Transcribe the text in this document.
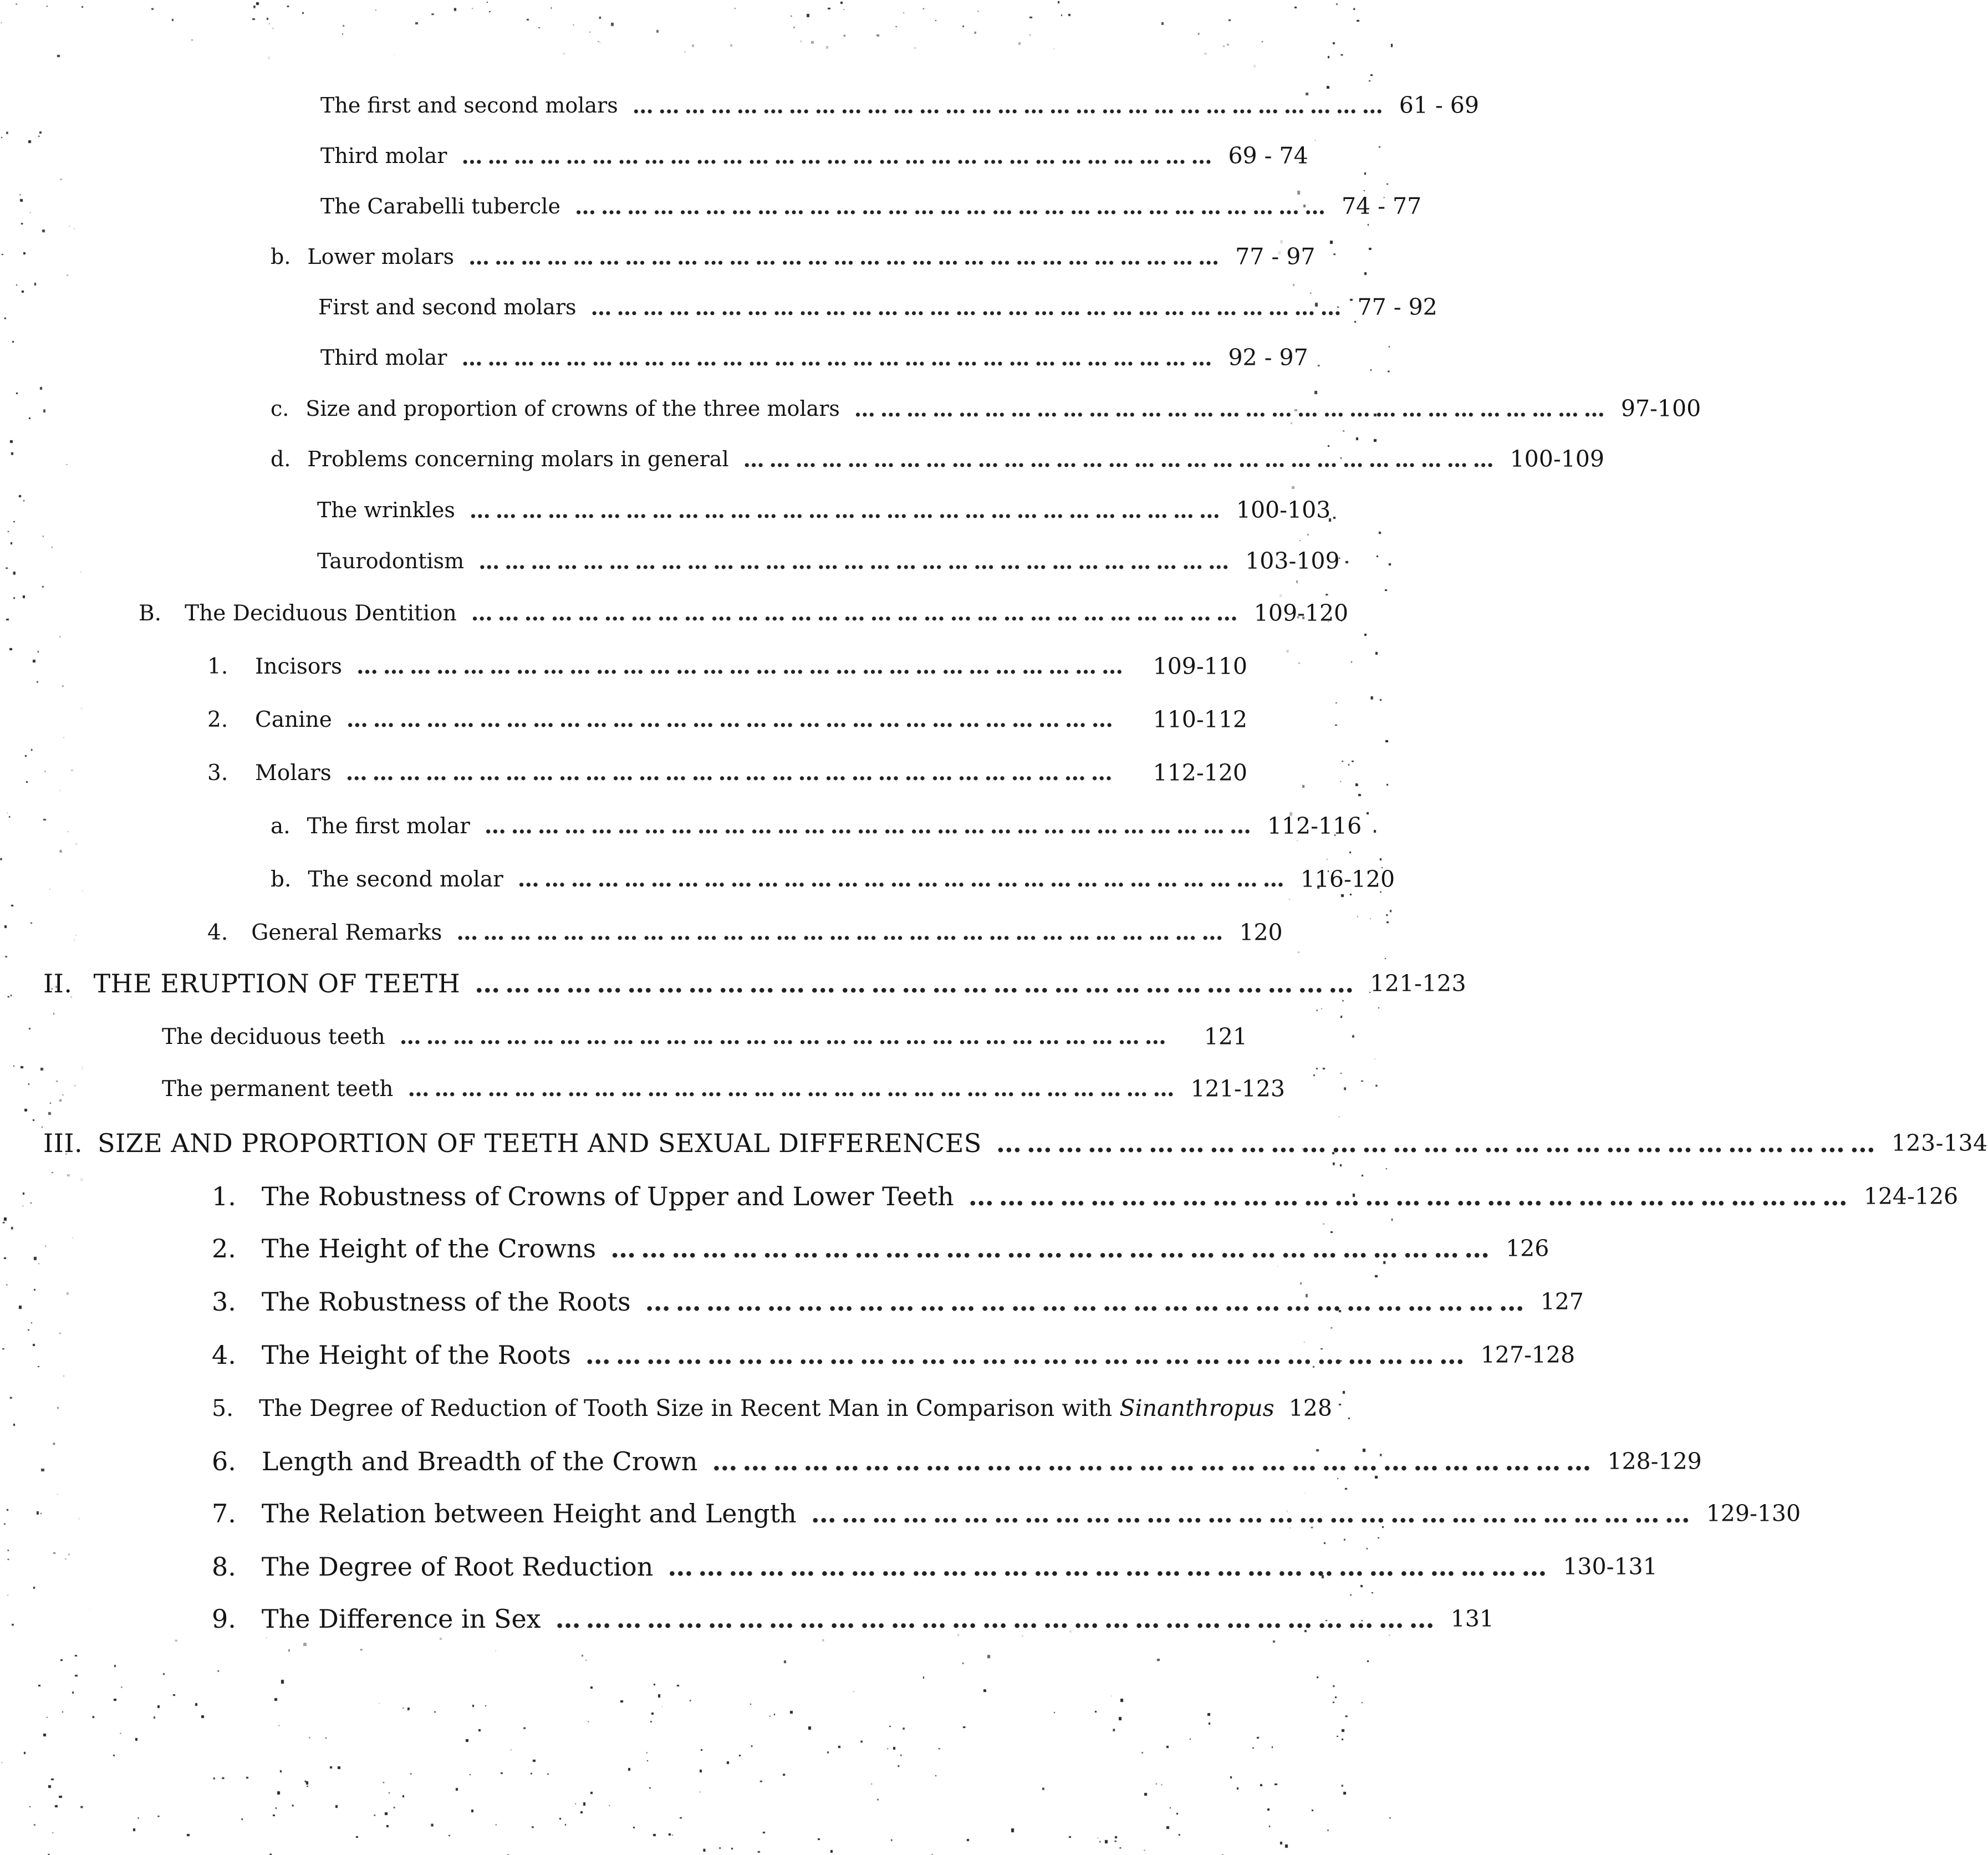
The first and second molars …………………………………………………………………………… 61 - 69
Third molar …………………………………………………………………………… 69 - 74
The Carabelli tubercle …………………………………………………………………………… 74 - 77
b. Lower molars …………………………………………………………………………… 77 - 97
First and second molars …………………………………………………………………………… 77 - 92
Third molar …………………………………………………………………………… 92 - 97
c. Size and proportion of crowns of the three molars …………………………………………………………………………… 97-100
d. Problems concerning molars in general …………………………………………………………………………… 100-109
The wrinkles …………………………………………………………………………… 100-103
Taurodontism …………………………………………………………………………… 103-109
B. The Deciduous Dentition …………………………………………………………………………… 109-120
1. Incisors ……………………………………………………………………………	109-110
2. Canine ……………………………………………………………………………	110-112
3. Molars ……………………………………………………………………………	112-120
a. The first molar …………………………………………………………………………… 112-116
b. The second molar …………………………………………………………………………… 116-120
4. General Remarks …………………………………………………………………………… 120
II. THE ERUPTION OF TEETH …………………………………………………………………………… 121-123
The deciduous teeth ……………………………………………………………………………	121
The permanent teeth …………………………………………………………………………… 121-123
III. SIZE AND PROPORTION OF TEETH AND SEXUAL DIFFERENCES …………………………………………………………………………… 123-134
1. The Robustness of Crowns of Upper and Lower Teeth …………………………………………………………………………… 124-126
2. The Height of the Crowns …………………………………………………………………………… 126
3. The Robustness of the Roots …………………………………………………………………………… 127
4. The Height of the Roots …………………………………………………………………………… 127-128
5. The Degree of Reduction of Tooth Size in Recent Man in Comparison with Sinanthropus 128
6. Length and Breadth of the Crown …………………………………………………………………………… 128-129
7. The Relation between Height and Length …………………………………………………………………………… 129-130
8. The Degree of Root Reduction …………………………………………………………………………… 130-131
9. The Difference in Sex …………………………………………………………………………… 131
